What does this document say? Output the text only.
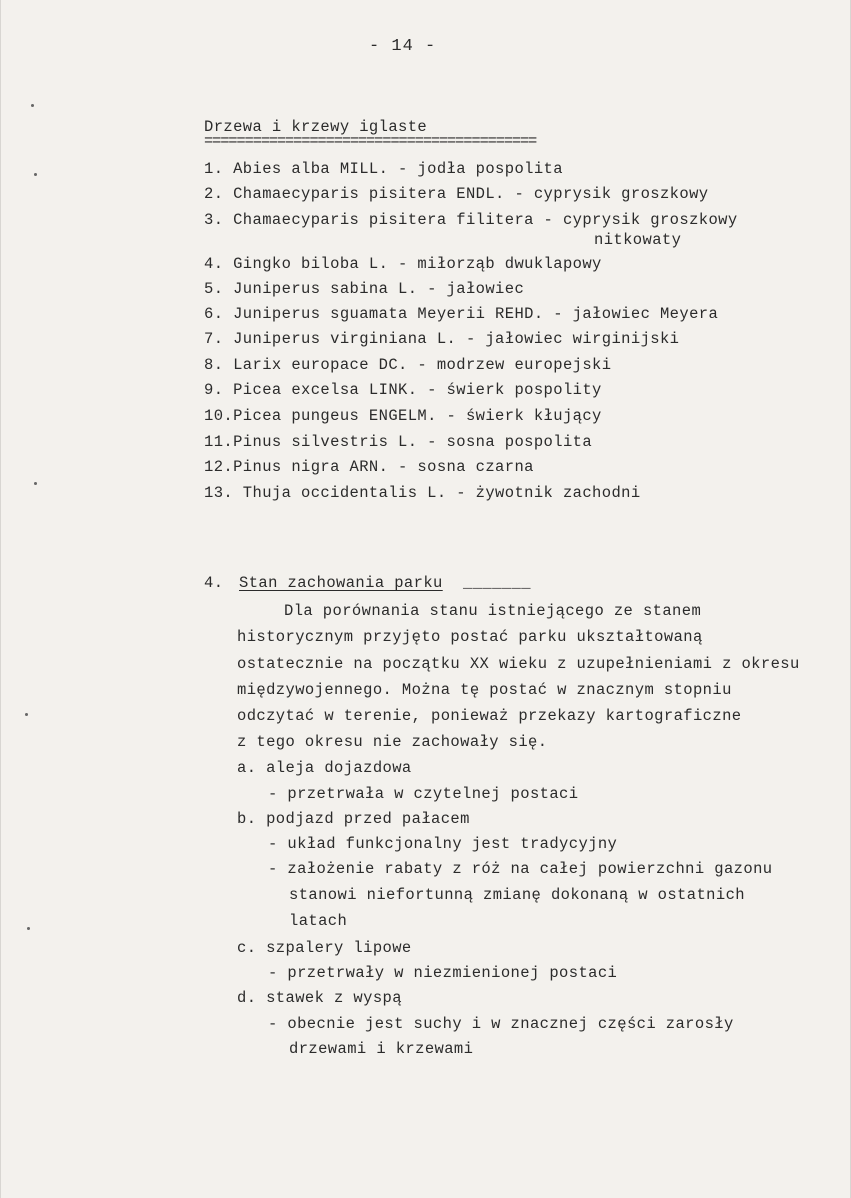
- 14 -
Drzewa i krzewy iglaste
=========================================
1. Abies alba MILL. - jodła pospolita
2. Chamaecyparis pisitera ENDL. - cyprysik groszkowy
3. Chamaecyparis pisitera filitera - cyprysik groszkowy
nitkowaty
4. Gingko biloba L. - miłorząb dwuklapowy
5. Juniperus sabina L. - jałowiec
6. Juniperus sguamata Meyerii REHD. - jałowiec Meyera
7. Juniperus virginiana L. - jałowiec wirginijski
8. Larix europace DC. - modrzew europejski
9. Picea excelsa LINK. - świerk pospolity
10.Picea pungeus ENGELM. - świerk kłujący
11.Pinus silvestris L. - sosna pospolita
12.Pinus nigra ARN. - sosna czarna
13. Thuja occidentalis L. - żywotnik zachodni
4. Stan zachowania parku _______
Dla porównania stanu istniejącego ze stanem
historycznym przyjęto postać parku ukształtowaną
ostatecznie na początku XX wieku z uzupełnieniami z okresu
międzywojennego. Można tę postać w znacznym stopniu
odczytać w terenie, ponieważ przekazy kartograficzne
z tego okresu nie zachowały się.
a. aleja dojazdowa
- przetrwała w czytelnej postaci
b. podjazd przed pałacem
- układ funkcjonalny jest tradycyjny
- założenie rabaty z róż na całej powierzchni gazonu
stanowi niefortunną zmianę dokonaną w ostatnich
latach
c. szpalery lipowe
- przetrwały w niezmienionej postaci
d. stawek z wyspą
- obecnie jest suchy i w znacznej części zarosły
drzewami i krzewami
